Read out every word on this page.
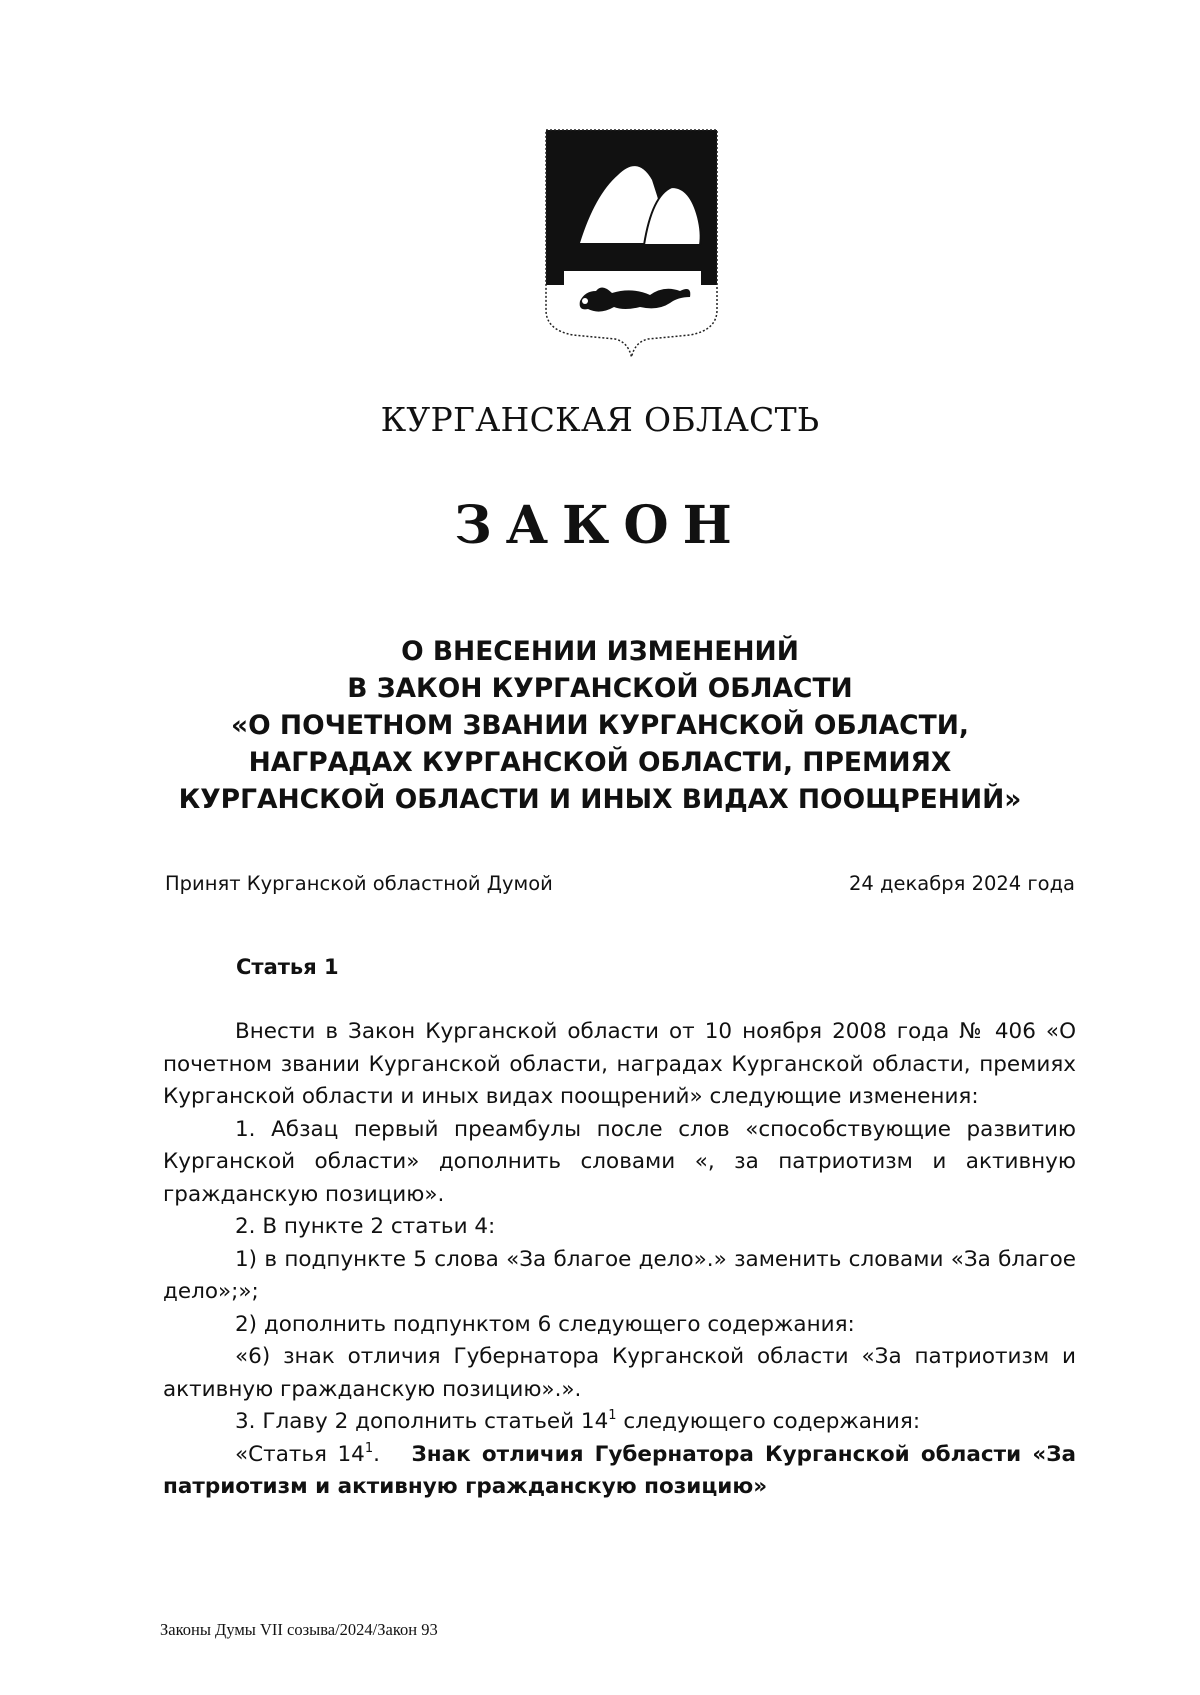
КУРГАНСКАЯ ОБЛАСТЬ
ЗАКОН
О ВНЕСЕНИИ ИЗМЕНЕНИЙ
В ЗАКОН КУРГАНСКОЙ ОБЛАСТИ
«О ПОЧЕТНОМ ЗВАНИИ КУРГАНСКОЙ ОБЛАСТИ,
НАГРАДАХ КУРГАНСКОЙ ОБЛАСТИ, ПРЕМИЯХ
КУРГАНСКОЙ ОБЛАСТИ И ИНЫХ ВИДАХ ПООЩРЕНИЙ»
Принят Курганской областной Думой	24 декабря 2024 года
Статья 1

Внести в Закон Курганской области от 10 ноября 2008 года № 406 «О почетном звании Курганской области, наградах Курганской области, премиях Курганской области и иных видах поощрений» следующие изменения:

1. Абзац первый преамбулы после слов «способствующие развитию Курганской области» дополнить словами «, за патриотизм и активную гражданскую позицию».

2. В пункте 2 статьи 4:

1) в подпункте 5 слова «За благое дело».» заменить словами «За благое дело»;»;

2) дополнить подпунктом 6 следующего содержания:

«6) знак отличия Губернатора Курганской области «За патриотизм и активную гражданскую позицию».».

3. Главу 2 дополнить статьей $14^1$ следующего содержания:

«Статья $14^1$. Знак отличия Губернатора Курганской области «За патриотизм и активную гражданскую позицию»

Законы Думы VII созыва/2024/Закон 93
